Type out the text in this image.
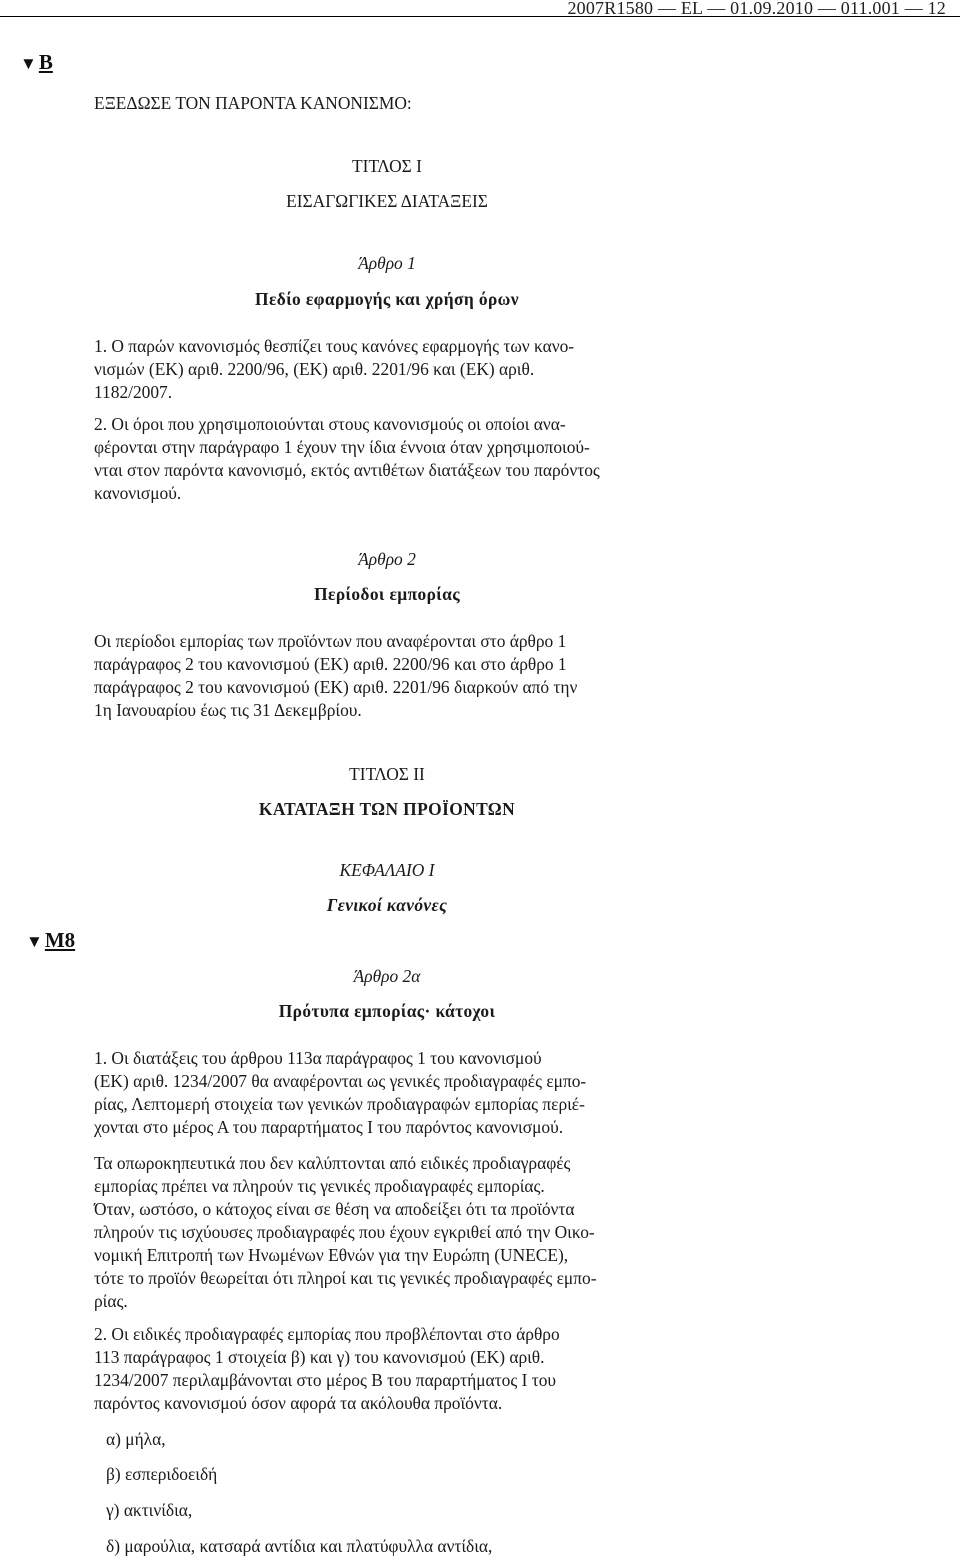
2007R1580 — EL — 01.09.2010 — 011.001 — 12
▼B
▼M8
ΕΞΕΔΩΣΕ ΤΟΝ ΠΑΡΟΝΤΑ ΚΑΝΟΝΙΣΜΟ:
ΤΙΤΛΟΣ Ι
ΕΙΣΑΓΩΓΙΚΕΣ ΔΙΑΤΑΞΕΙΣ
Άρθρο 1
Πεδίο εφαρμογής και χρήση όρων

1. Ο παρών κανονισμός θεσπίζει τους κανόνες εφαρμογής των κανο-

νισμών (ΕΚ) αριθ. 2200/96, (ΕΚ) αριθ. 2201/96 και (ΕΚ) αριθ.

1182/2007.

2. Οι όροι που χρησιμοποιούνται στους κανονισμούς οι οποίοι ανα-

φέρονται στην παράγραφο 1 έχουν την ίδια έννοια όταν χρησιμοποιού-

νται στον παρόντα κανονισμό, εκτός αντιθέτων διατάξεων του παρόντος

κανονισμού.

Άρθρο 2
Περίοδοι εμπορίας

Οι περίοδοι εμπορίας των προϊόντων που αναφέρονται στο άρθρο 1

παράγραφος 2 του κανονισμού (ΕΚ) αριθ. 2200/96 και στο άρθρο 1

παράγραφος 2 του κανονισμού (ΕΚ) αριθ. 2201/96 διαρκούν από την

1η Ιανουαρίου έως τις 31 Δεκεμβρίου.

ΤΙΤΛΟΣ II
ΚΑΤΑΤΑΞΗ ΤΩΝ ΠΡΟΪΟΝΤΩΝ
ΚΕΦΑΛΑΙΟ Ι
Γενικοί κανόνες
Άρθρο 2α
Πρότυπα εμπορίας· κάτοχοι

1. Οι διατάξεις του άρθρου 113α παράγραφος 1 του κανονισμού

(ΕΚ) αριθ. 1234/2007 θα αναφέρονται ως γενικές προδιαγραφές εμπο-

ρίας, Λεπτομερή στοιχεία των γενικών προδιαγραφών εμπορίας περιέ-

χονται στο μέρος Α του παραρτήματος Ι του παρόντος κανονισμού.

Τα οπωροκηπευτικά που δεν καλύπτονται από ειδικές προδιαγραφές

εμπορίας πρέπει να πληρούν τις γενικές προδιαγραφές εμπορίας.

Όταν, ωστόσο, ο κάτοχος είναι σε θέση να αποδείξει ότι τα προϊόντα

πληρούν τις ισχύουσες προδιαγραφές που έχουν εγκριθεί από την Οικο-

νομική Επιτροπή των Ηνωμένων Εθνών για την Ευρώπη (UNECE),

τότε το προϊόν θεωρείται ότι πληροί και τις γενικές προδιαγραφές εμπο-

ρίας.

2. Οι ειδικές προδιαγραφές εμπορίας που προβλέπονται στο άρθρο

113 παράγραφος 1 στοιχεία β) και γ) του κανονισμού (ΕΚ) αριθ.

1234/2007 περιλαμβάνονται στο μέρος Β του παραρτήματος Ι του

παρόντος κανονισμού όσον αφορά τα ακόλουθα προϊόντα.

α) μήλα,

β) εσπεριδοειδή

γ) ακτινίδια,

δ) μαρούλια, κατσαρά αντίδια και πλατύφυλλα αντίδια,
